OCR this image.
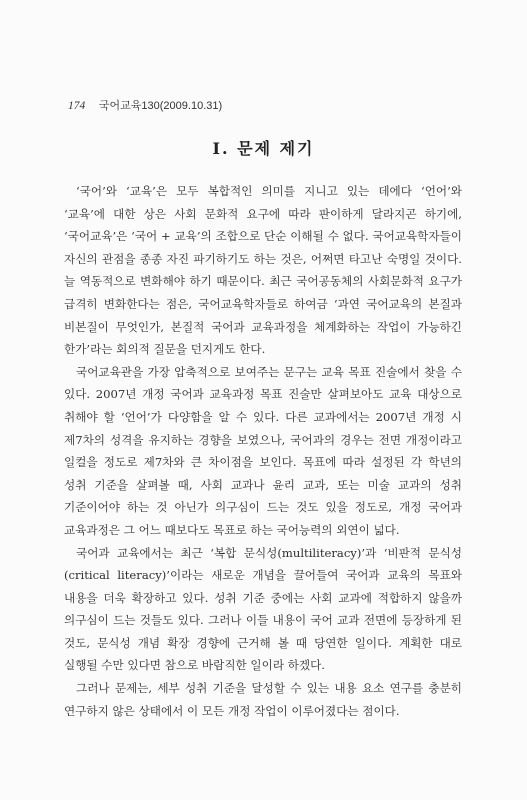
174 국어교육130(2009.10.31)
Ⅰ. 문제 제기

‘국어’와 ‘교육’은 모두 복합적인 의미를 지니고 있는 데에다 ‘언어’와 ‘교육’에 대한 상은 사회 문화적 요구에 따라 판이하게 달라지곤 하기에, ‘국어교육’은 ‘국어 + 교육’의 조합으로 단순 이해될 수 없다. 국어교육학자들이 자신의 관점을 종종 자진 파기하기도 하는 것은, 어쩌면 타고난 숙명일 것이다. 늘 역동적으로 변화해야 하기 때문이다. 최근 국어공동체의 사회문화적 요구가 급격히 변화한다는 점은, 국어교육학자들로 하여금 ‘과연 국어교육의 본질과 비본질이 무엇인가, 본질적 국어과 교육과정을 체계화하는 작업이 가능하긴 한가’라는 회의적 질문을 던지게도 한다.

국어교육관을 가장 압축적으로 보여주는 문구는 교육 목표 진술에서 찾을 수 있다. 2007년 개정 국어과 교육과정 목표 진술만 살펴보아도 교육 대상으로 취해야 할 ‘언어’가 다양함을 알 수 있다. 다른 교과에서는 2007년 개정 시 제7차의 성격을 유지하는 경향을 보였으나, 국어과의 경우는 전면 개정이라고 일컬을 정도로 제7차와 큰 차이점을 보인다. 목표에 따라 설정된 각 학년의 성취 기준을 살펴볼 때, 사회 교과나 윤리 교과, 또는 미술 교과의 성취 기준이어야 하는 것 아닌가 의구심이 드는 것도 있을 정도로, 개정 국어과 교육과정은 그 어느 때보다도 목표로 하는 국어능력의 외연이 넓다.

국어과 교육에서는 최근 ‘복합 문식성(multiliteracy)’과 ‘비판적 문식성(critical literacy)’이라는 새로운 개념을 끌어들여 국어과 교육의 목표와 내용을 더욱 확장하고 있다. 성취 기준 중에는 사회 교과에 적합하지 않을까 의구심이 드는 것들도 있다. 그러나 이들 내용이 국어 교과 전면에 등장하게 된 것도, 문식성 개념 확장 경향에 근거해 볼 때 당연한 일이다. 계획한 대로 실행될 수만 있다면 참으로 바람직한 일이라 하겠다.

그러나 문제는, 세부 성취 기준을 달성할 수 있는 내용 요소 연구를 충분히 연구하지 않은 상태에서 이 모든 개정 작업이 이루어졌다는 점이다.
